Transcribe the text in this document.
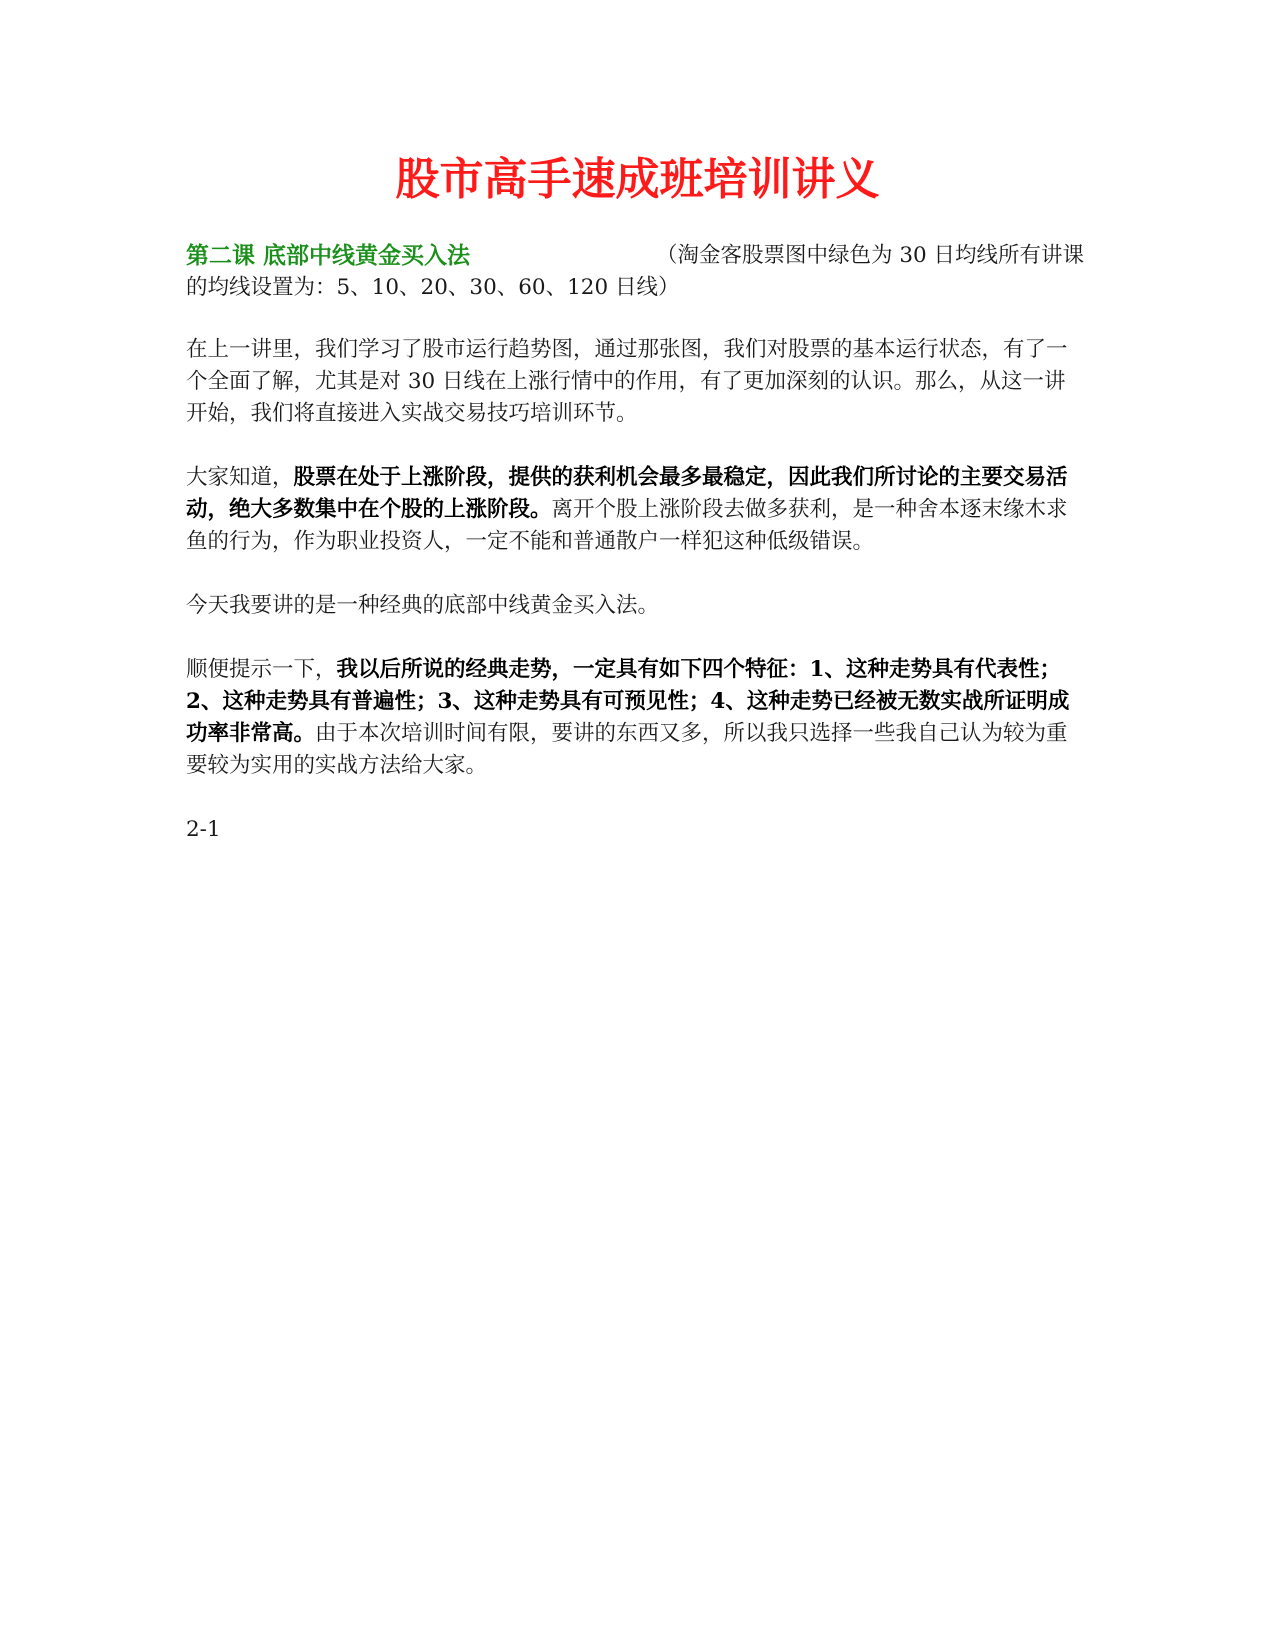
股市高手速成班培训讲义
第二课 底部中线黄金买入法	（淘金客股票图中绿色为 30 日均线所有讲课
的均线设置为：5、10、20、30、60、120 日线）

在上一讲里，我们学习了股市运行趋势图，通过那张图，我们对股票的基本运行状态，有了一个全面了解，尤其是对 30 日线在上涨行情中的作用，有了更加深刻的认识。那么，从这一讲开始，我们将直接进入实战交易技巧培训环节。

大家知道，股票在处于上涨阶段，提供的获利机会最多最稳定，因此我们所讨论的主要交易活动，绝大多数集中在个股的上涨阶段。离开个股上涨阶段去做多获利，是一种舍本逐末缘木求鱼的行为，作为职业投资人，一定不能和普通散户一样犯这种低级错误。

今天我要讲的是一种经典的底部中线黄金买入法。

顺便提示一下，我以后所说的经典走势，一定具有如下四个特征：1、这种走势具有代表性；2、这种走势具有普遍性；3、这种走势具有可预见性；4、这种走势已经被无数实战所证明成功率非常高。由于本次培训时间有限，要讲的东西又多，所以我只选择一些我自己认为较为重要较为实用的实战方法给大家。

2-1
